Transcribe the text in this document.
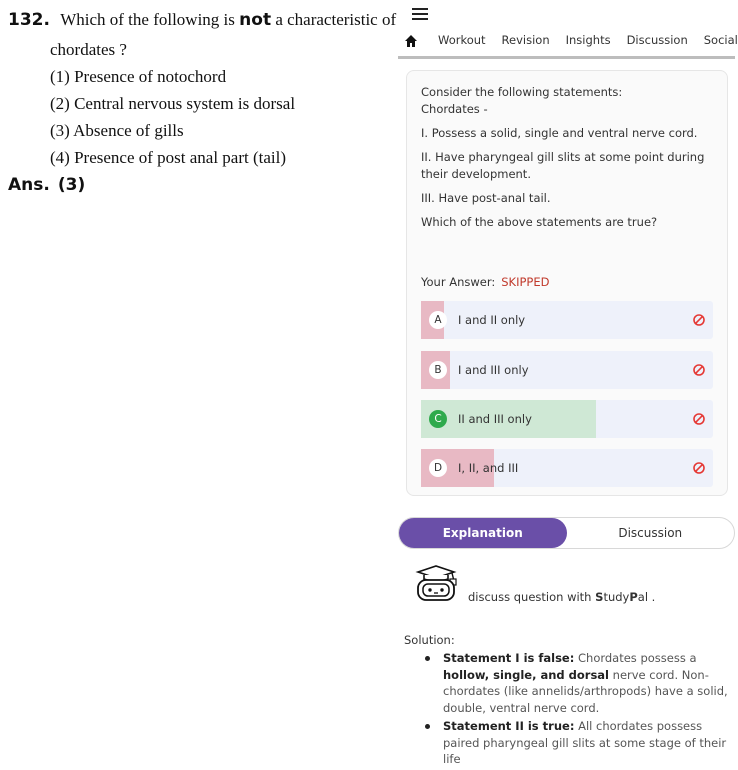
132. Which of the following is not a characteristic of
chordates ?
(1) Presence of notochord
(2) Central nervous system is dorsal
(3) Absence of gills
(4) Presence of post anal part (tail)
Ans. (3)
Workout Revision Insights Discussion Social
Consider the following statements:
Chordates -
I. Possess a solid, single and ventral nerve cord.
II. Have pharyngeal gill slits at some point during their development.
III. Have post-anal tail.
Which of the above statements are true?
Your Answer: SKIPPED
A	I and II only
B	I and III only
C	II and III only
D	I, II, and III
Explanation	Discussion
discuss question with StudyPal .
Solution:
Statement I is false: Chordates possess a hollow, single, and dorsal nerve cord. Non-chordates (like annelids/arthropods) have a solid, double, ventral nerve cord.
Statement II is true: All chordates possess paired pharyngeal gill slits at some stage of their life
